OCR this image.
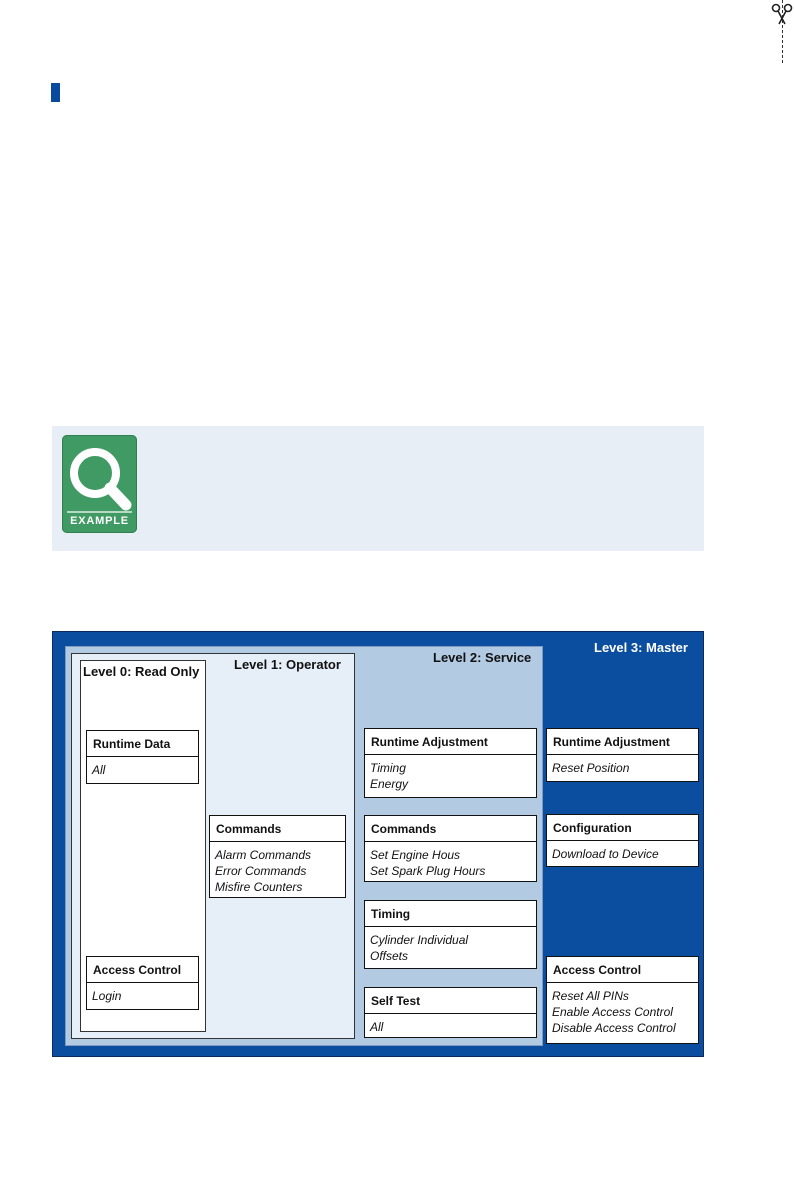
EXAMPLE
Level 3: Master
Level 2: Service
Level 1: Operator
Level 0: Read Only
Runtime Data
All
Access Control
Login
Commands
Alarm Commands
Error Commands
Misfire Counters
Runtime Adjustment
Timing
Energy
Commands
Set Engine Hous
Set Spark Plug Hours
Timing
Cylinder Individual
Offsets
Self Test
All
Runtime Adjustment
Reset Position
Configuration
Download to Device
Access Control
Reset All PINs
Enable Access Control
Disable Access Control
